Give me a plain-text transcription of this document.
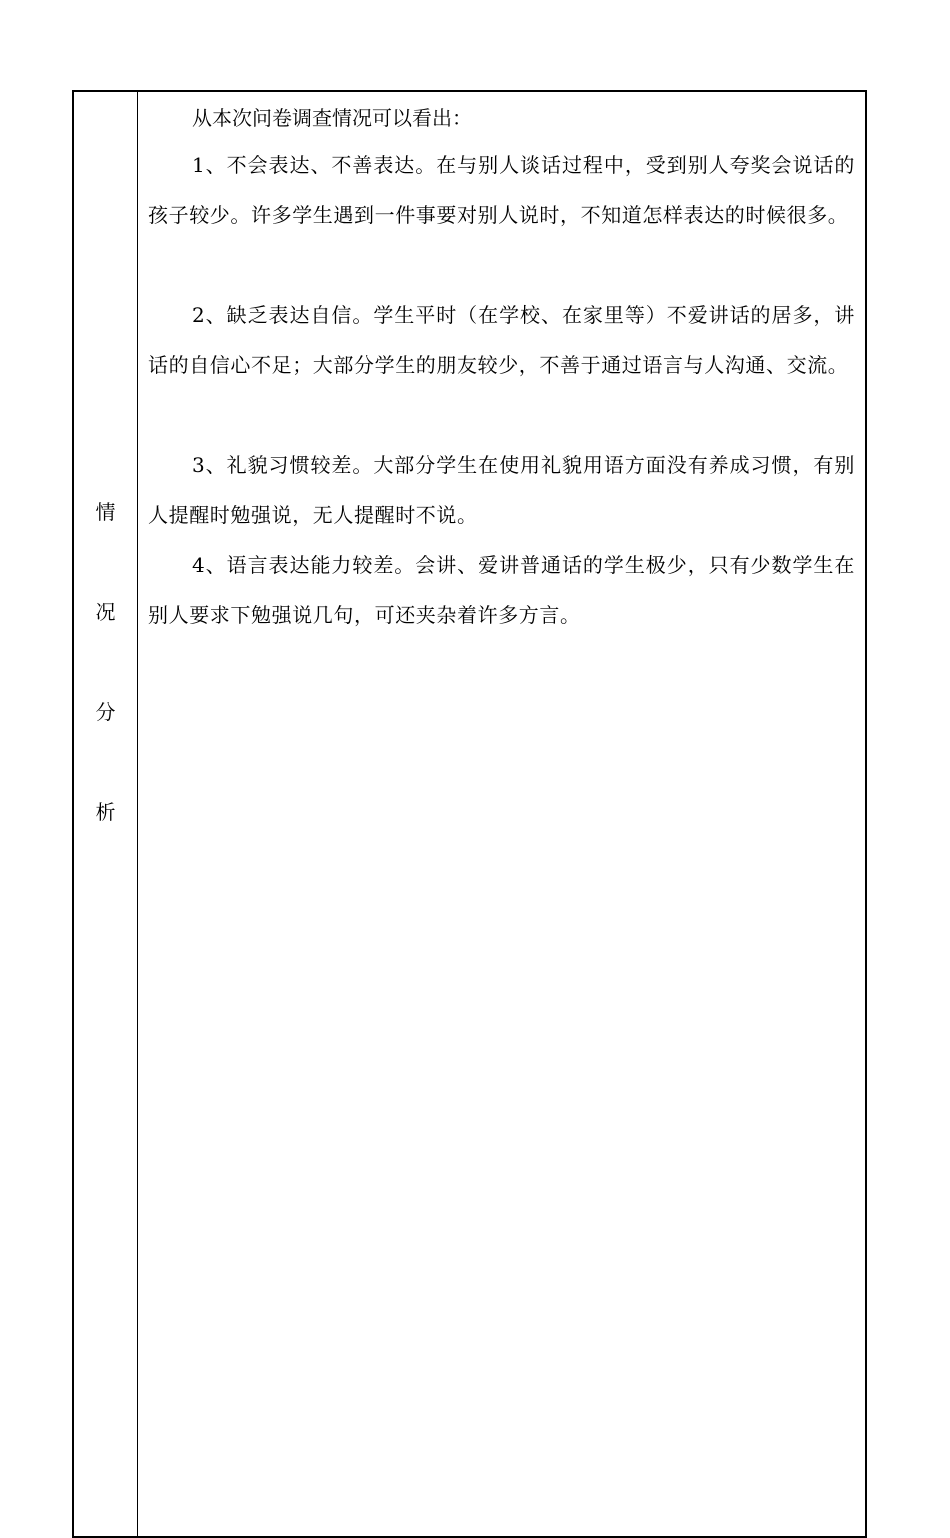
情
况
分
析
从本次问卷调查情况可以看出：
1、不会表达、不善表达。在与别人谈话过程中，受到别人夸奖会说话的孩子较少。许多学生遇到一件事要对别人说时，不知道怎样表达的时候很多。
2、缺乏表达自信。学生平时（在学校、在家里等）不爱讲话的居多，讲话的自信心不足；大部分学生的朋友较少，不善于通过语言与人沟通、交流。
3、礼貌习惯较差。大部分学生在使用礼貌用语方面没有养成习惯，有别人提醒时勉强说，无人提醒时不说。
4、语言表达能力较差。会讲、爱讲普通话的学生极少，只有少数学生在别人要求下勉强说几句，可还夹杂着许多方言。
